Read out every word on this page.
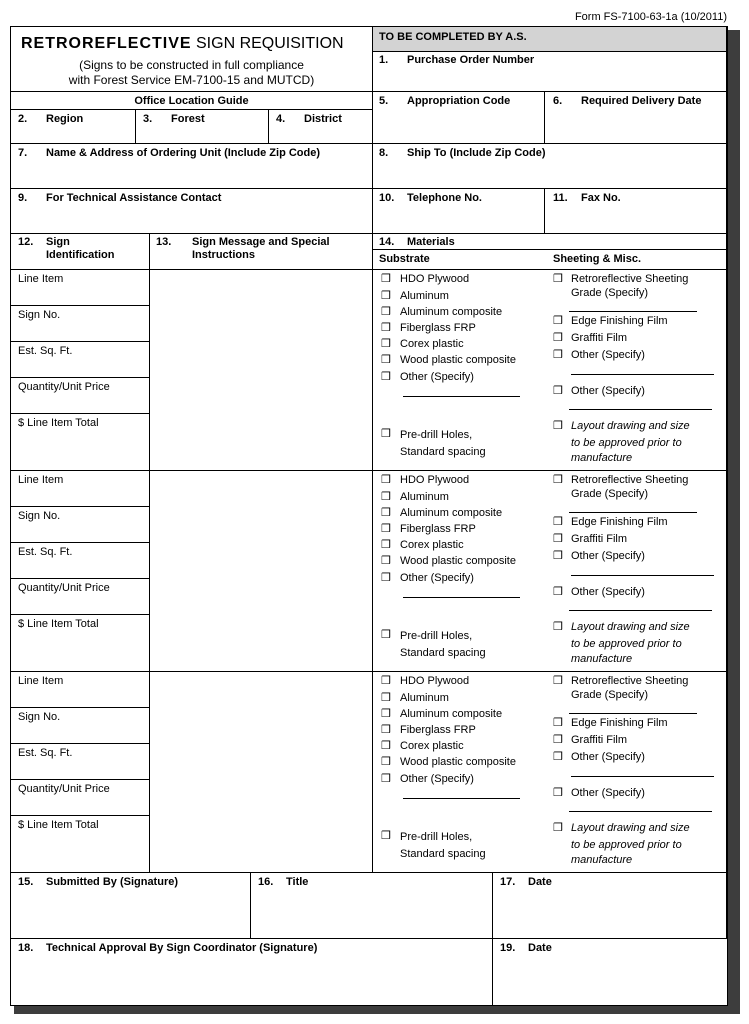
Form FS-7100-63-1a (10/2011)
RETROREFLECTIVE SIGN REQUISITION
(Signs to be constructed in full compliance
with Forest Service EM-7100-15 and MUTCD)
TO BE COMPLETED BY A.S.
1. Purchase Order Number
Office Location Guide
2. Region	3. Forest	4. District
5. Appropriation Code	6. Required Delivery Date
7. Name & Address of Ordering Unit (Include Zip Code)	8. Ship To (Include Zip Code)
9. For Technical Assistance Contact	10. Telephone No.	11. Fax No.
12. Sign
Identification
13. Sign Message and Special
Instructions
14. Materials
Substrate	Sheeting & Misc.
Line Item
Sign No.
Est. Sq. Ft.
Quantity/Unit Price
$ Line Item Total
❒ HDO Plywood
❒ Aluminum
❒ Aluminum composite
❒ Fiberglass FRP
❒ Corex plastic
❒ Wood plastic composite
❒ Other (Specify)
❒ Pre-drill Holes,
Standard spacing
❒ Retroreflective Sheeting
Grade (Specify)
❒ Edge Finishing Film
❒ Graffiti Film
❒ Other (Specify)
❒ Other (Specify)
❒ Layout drawing and size
to be approved prior to
manufacture
Line Item
Sign No.
Est. Sq. Ft.
Quantity/Unit Price
$ Line Item Total
❒ HDO Plywood
❒ Aluminum
❒ Aluminum composite
❒ Fiberglass FRP
❒ Corex plastic
❒ Wood plastic composite
❒ Other (Specify)
❒ Pre-drill Holes,
Standard spacing
❒ Retroreflective Sheeting
Grade (Specify)
❒ Edge Finishing Film
❒ Graffiti Film
❒ Other (Specify)
❒ Other (Specify)
❒ Layout drawing and size
to be approved prior to
manufacture
Line Item
Sign No.
Est. Sq. Ft.
Quantity/Unit Price
$ Line Item Total
❒ HDO Plywood
❒ Aluminum
❒ Aluminum composite
❒ Fiberglass FRP
❒ Corex plastic
❒ Wood plastic composite
❒ Other (Specify)
❒ Pre-drill Holes,
Standard spacing
❒ Retroreflective Sheeting
Grade (Specify)
❒ Edge Finishing Film
❒ Graffiti Film
❒ Other (Specify)
❒ Other (Specify)
❒ Layout drawing and size
to be approved prior to
manufacture
15. Submitted By (Signature)	16. Title	17. Date
18. Technical Approval By Sign Coordinator (Signature)	19. Date
